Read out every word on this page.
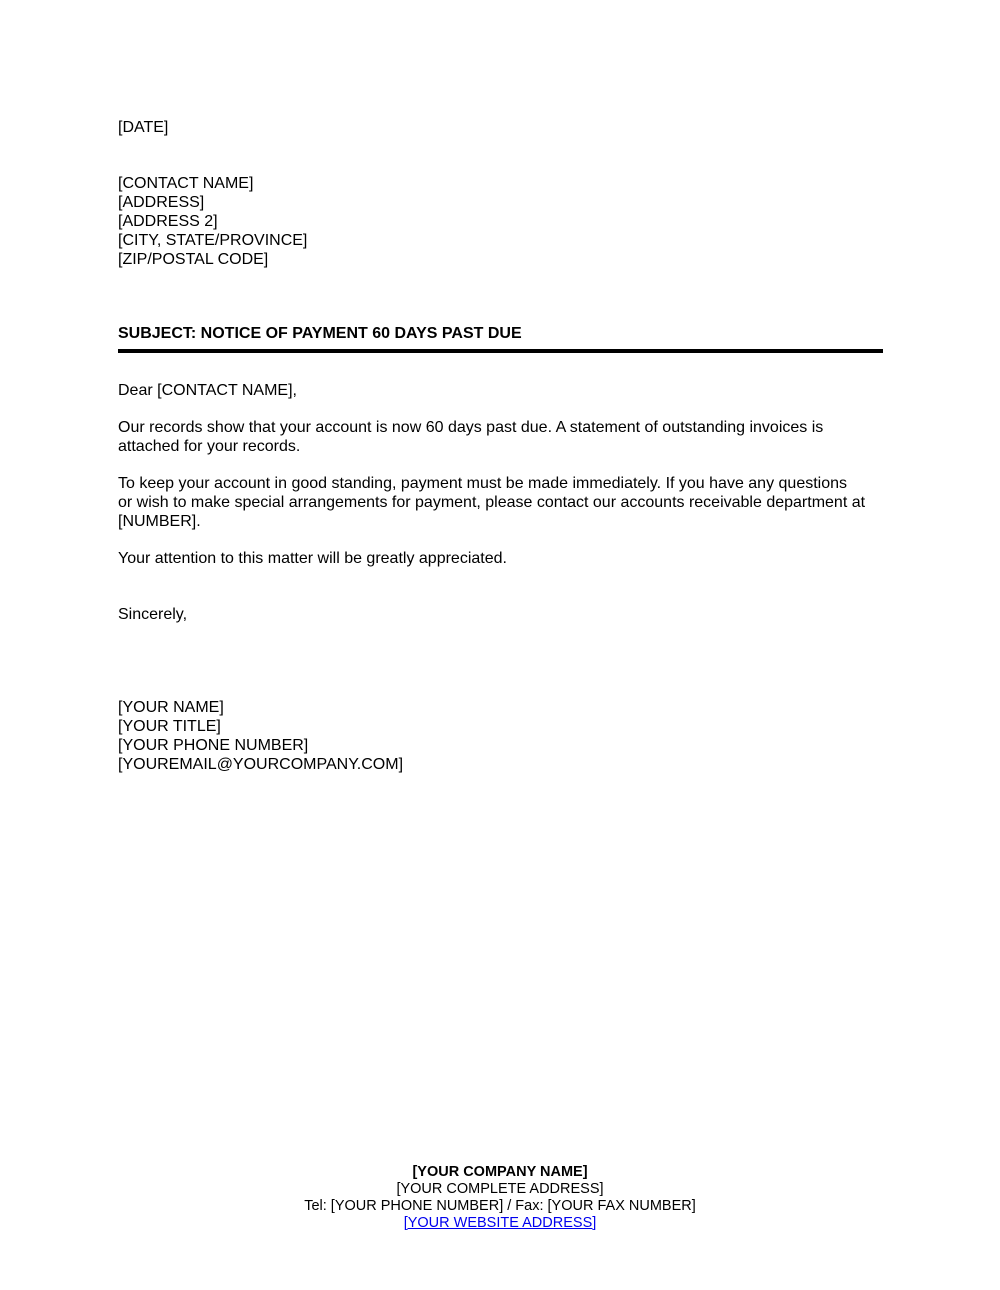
[DATE]
[CONTACT NAME]
[ADDRESS]
[ADDRESS 2]
[CITY, STATE/PROVINCE]
[ZIP/POSTAL CODE]
SUBJECT: NOTICE OF PAYMENT 60 DAYS PAST DUE
Dear [CONTACT NAME],
Our records show that your account is now 60 days past due. A statement of outstanding invoices is
attached for your records.
To keep your account in good standing, payment must be made immediately. If you have any questions
or wish to make special arrangements for payment, please contact our accounts receivable department at
[NUMBER].
Your attention to this matter will be greatly appreciated.
Sincerely,
[YOUR NAME]
[YOUR TITLE]
[YOUR PHONE NUMBER]
[YOUREMAIL@YOURCOMPANY.COM]
[YOUR COMPANY NAME]
[YOUR COMPLETE ADDRESS]
Tel: [YOUR PHONE NUMBER] / Fax: [YOUR FAX NUMBER]
[YOUR WEBSITE ADDRESS]
